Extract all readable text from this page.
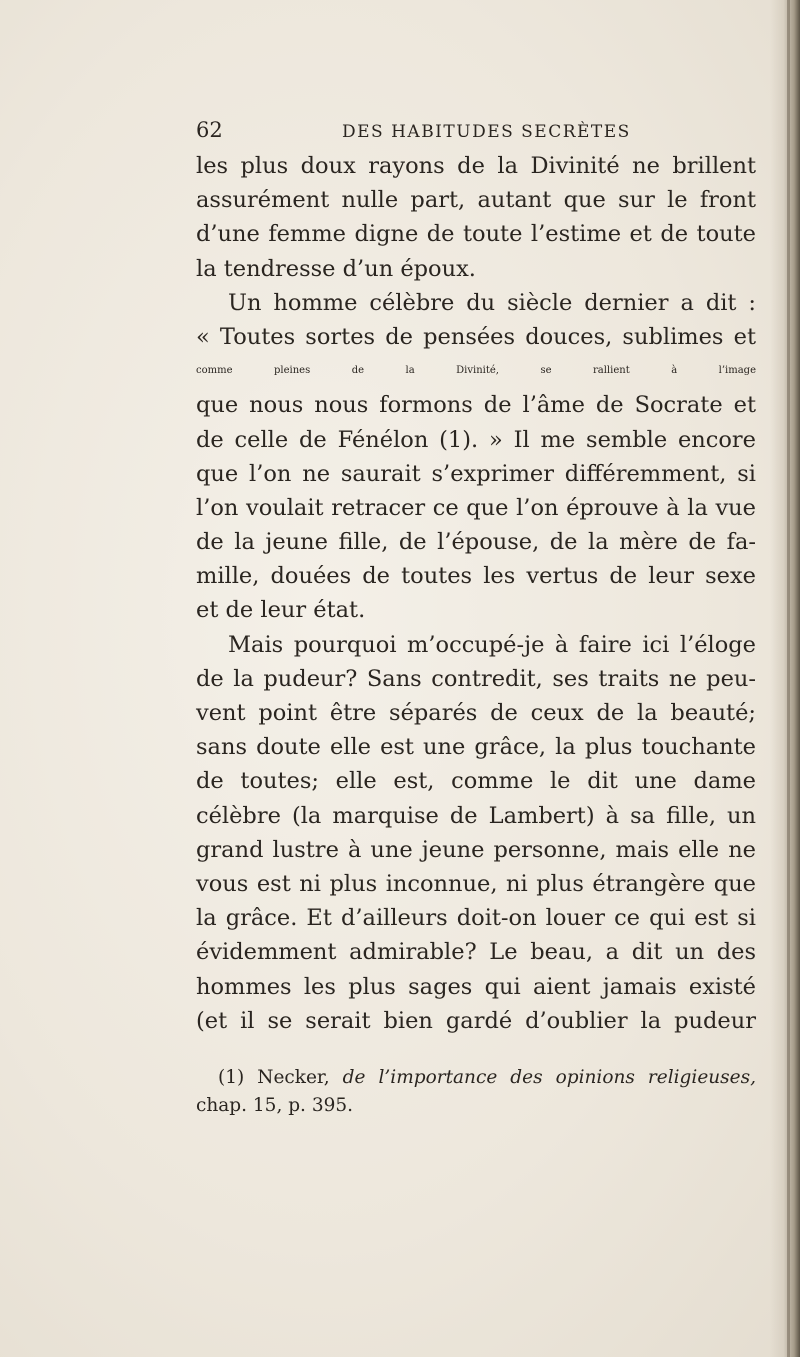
62	DES HABITUDES SECRÈTES
les plus doux rayons de la Divinité ne brillent
assurément nulle part, autant que sur le front
d’une femme digne de toute l’estime et de toute
la tendresse d’un époux.
Un homme célèbre du siècle dernier a dit :
« Toutes sortes de pensées douces, sublimes et
comme pleines de la Divinité, se rallient à l’image
que nous nous formons de l’âme de Socrate et
de celle de Fénélon (1). » Il me semble encore
que l’on ne saurait s’exprimer différemment, si
l’on voulait retracer ce que l’on éprouve à la vue
de la jeune fille, de l’épouse, de la mère de fa-
mille, douées de toutes les vertus de leur sexe
et de leur état.
Mais pourquoi m’occupé-je à faire ici l’éloge
de la pudeur? Sans contredit, ses traits ne peu-
vent point être séparés de ceux de la beauté;
sans doute elle est une grâce, la plus touchante
de toutes; elle est, comme le dit une dame
célèbre (la marquise de Lambert) à sa fille, un
grand lustre à une jeune personne, mais elle ne
vous est ni plus inconnue, ni plus étrangère que
la grâce. Et d’ailleurs doit-on louer ce qui est si
évidemment admirable? Le beau, a dit un des
hommes les plus sages qui aient jamais existé
(et il se serait bien gardé d’oublier la pudeur
(1) Necker, de l’importance des opinions religieuses,
chap. 15, p. 395.
